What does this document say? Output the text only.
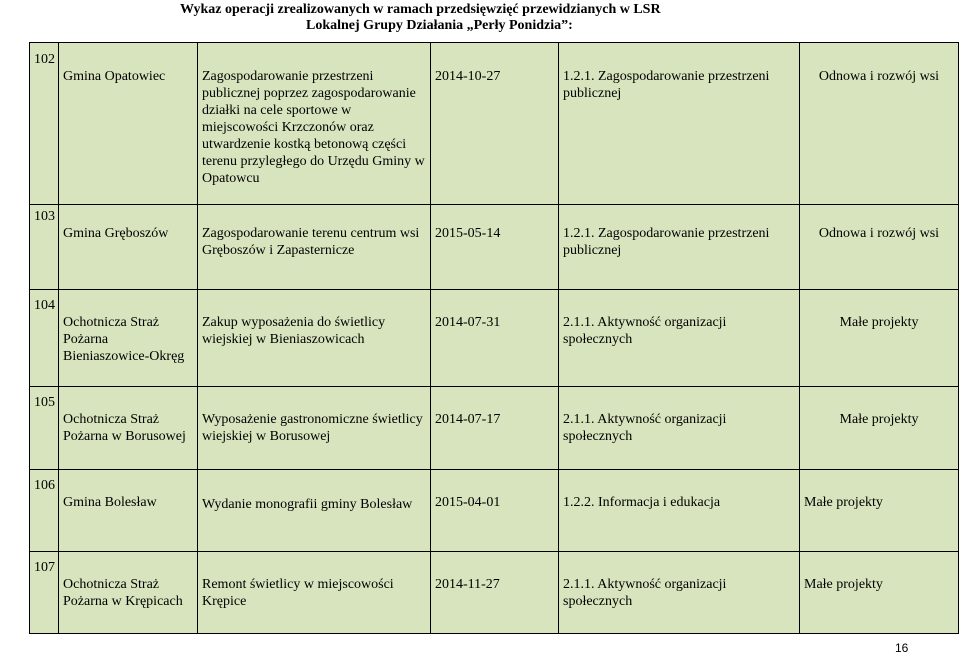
Wykaz operacji zrealizowanych w ramach przedsięwzięć przewidzianych w LSR
Lokalnej Grupy Działania „Perły Ponidzia”:
102	Gmina Opatowiec	Zagospodarowanie przestrzeni publicznej poprzez zagospodarowanie działki na cele sportowe w miejscowości Krzczonów oraz utwardzenie kostką betonową części terenu przyległego do Urzędu Gminy w Opatowcu	2014-10-27	1.2.1. Zagospodarowanie przestrzeni publicznej	Odnowa i rozwój wsi

103	Gmina Gręboszów	Zagospodarowanie terenu centrum wsi Gręboszów i Zapasternicze	2015-05-14	1.2.1. Zagospodarowanie przestrzeni publicznej	Odnowa i rozwój wsi

104	Ochotnicza Straż Pożarna Bieniaszowice-Okręg	Zakup wyposażenia do świetlicy wiejskiej w Bieniaszowicach	2014-07-31	2.1.1. Aktywność organizacji społecznych	Małe projekty

105	Ochotnicza Straż Pożarna w Borusowej	Wyposażenie gastronomiczne świetlicy wiejskiej w Borusowej	2014-07-17	2.1.1. Aktywność organizacji społecznych	Małe projekty

106	Gmina Bolesław	Wydanie monografii gminy Bolesław	2015-04-01	1.2.2. Informacja i edukacja	Małe projekty

107	Ochotnicza Straż Pożarna w Krępicach	Remont świetlicy w miejscowości Krępice	2014-11-27	2.1.1. Aktywność organizacji społecznych	Małe projekty

16
